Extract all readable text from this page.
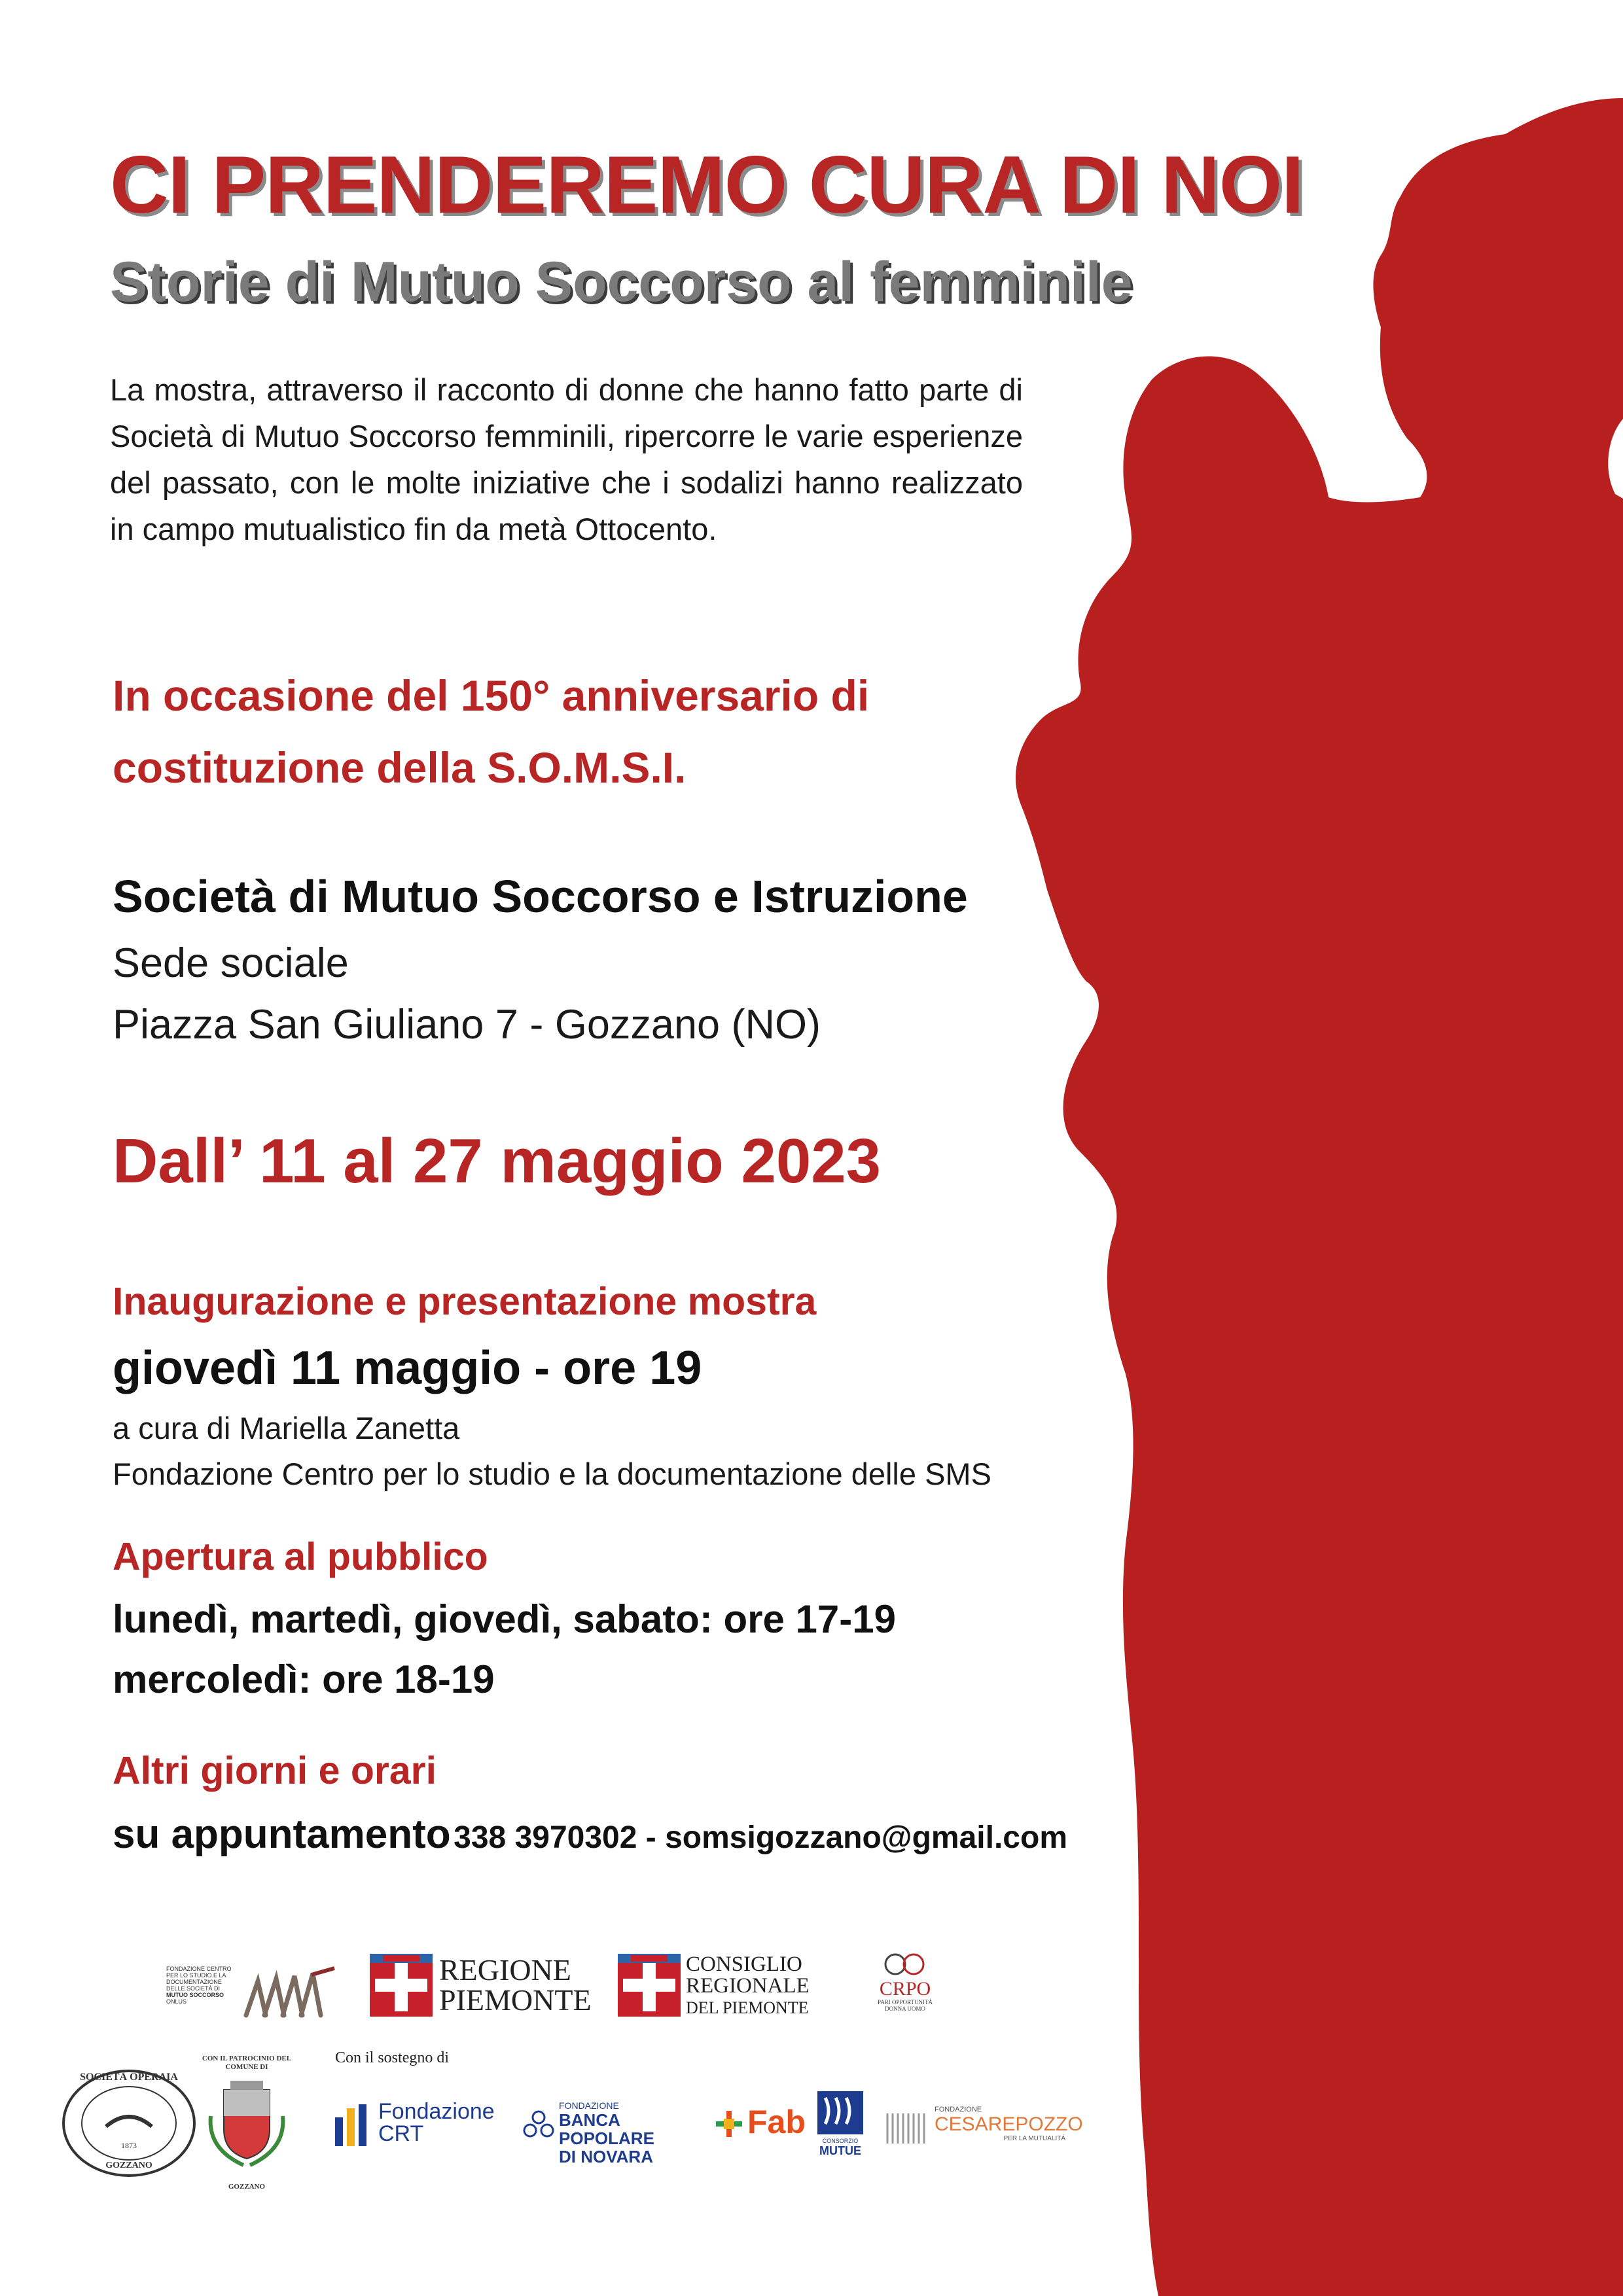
CI PRENDEREMO CURA DI NOI
Storie di Mutuo Soccorso al femminile

La mostra, attraverso il racconto di donne che hanno fatto parte di Società di Mutuo Soccorso femminili, ripercorre le varie esperienze del passato, con le molte iniziative che i sodalizi hanno realizzato in campo mutualistico fin da metà Ottocento.

In occasione del 150° anniversario di
costituzione della S.O.M.S.I.
Società di Mutuo Soccorso e Istruzione
Sede sociale
Piazza San Giuliano 7 - Gozzano (NO)
Dall’ 11 al 27 maggio 2023
Inaugurazione e presentazione mostra
giovedì 11 maggio - ore 19
a cura di Mariella Zanetta
Fondazione Centro per lo studio e la documentazione delle SMS
Apertura al pubblico
lunedì, martedì, giovedì, sabato: ore 17-19
mercoledì: ore 18-19
Altri giorni e orari
su appuntamento 338 3970302 - somsigozzano@gmail.com
FONDAZIONE CENTRO
PER LO STUDIO E LA
DOCUMENTAZIONE
DELLE SOCIETÀ DI
MUTUO SOCCORSO
ONLUS
REGIONE
PIEMONTE
CONSIGLIO
REGIONALE
DEL PIEMONTE
CRPO
PARI OPPORTUNITÀ DONNA UOMO
SOCIETÀ OPERAIA
1873
GOZZANO
CON IL PATROCINIO DEL
COMUNE DI
GOZZANO
Con il sostegno di
Fondazione
CRT
FONDAZIONE
BANCA POPOLARE
DI NOVARA
Fab
CONSORZIO
MUTUE
FONDAZIONE
CESAREPOZZO
PER LA MUTUALITÀ
